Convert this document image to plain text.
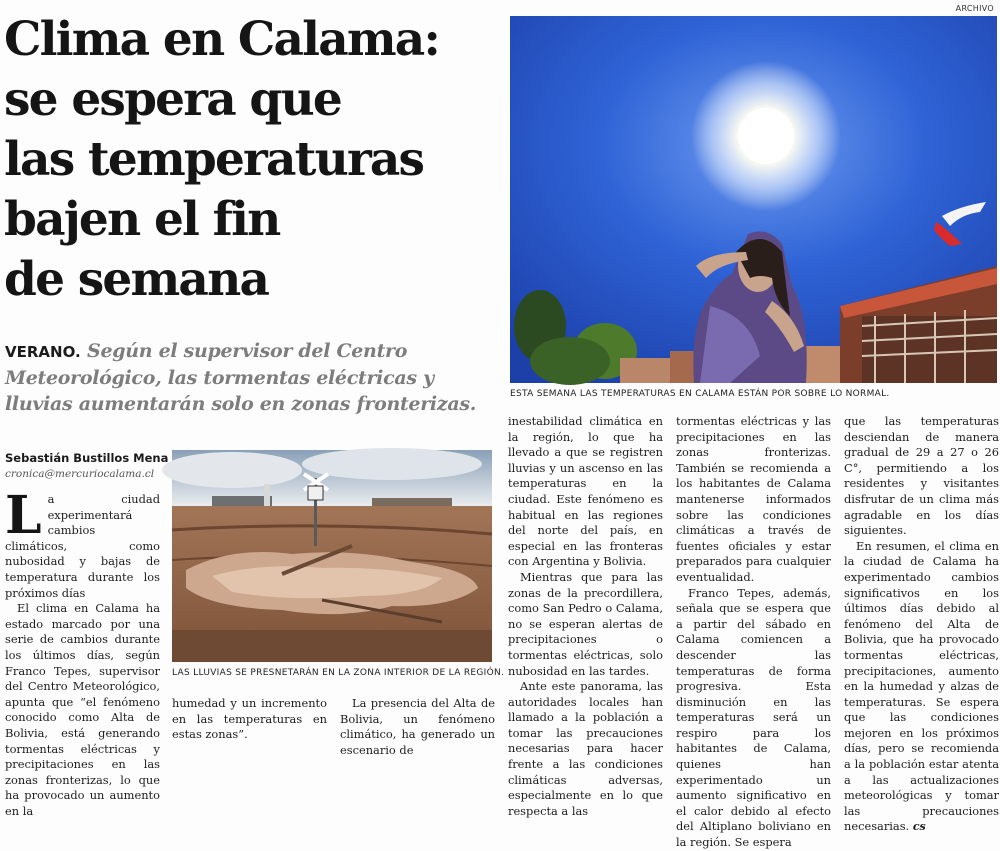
Clima en Calama:
se espera que
las temperaturas
bajen el fin
de semana
VERANO. Según el supervisor del Centro Meteorológico, las tormentas eléctricas y lluvias aumentarán solo en zonas fronterizas.
Sebastián Bustillos Mena
cronica@mercuriocalama.cl
ARCHIVO
ESTA SEMANA LAS TEMPERATURAS EN CALAMA ESTÁN POR SOBRE LO NORMAL.
LAS LLUVIAS SE PRESNETARÁN EN LA ZONA INTERIOR DE LA REGIÓN.

La ciudad experimentará cambios climáticos, como nubosidad y bajas de temperatura durante los próximos días

El clima en Calama ha estado marcado por una serie de cambios durante los últimos días, según Franco Tepes, supervisor del Centro Meteorológico, apunta que “el fenómeno conocido como Alta de Bolivia, está generando tormentas eléctricas y precipitaciones en las zonas fronterizas, lo que ha provocado un aumento en la

humedad y un incremento en las temperaturas en estas zonas”.

La presencia del Alta de Bolivia, un fenómeno climático, ha generado un escenario de

inestabilidad climática en la región, lo que ha llevado a que se registren lluvias y un ascenso en las temperaturas en la ciudad. Este fenómeno es habitual en las regiones del norte del país, en especial en las fronteras con Argentina y Bolivia.

Mientras que para las zonas de la precordillera, como San Pedro o Calama, no se esperan alertas de precipitaciones o tormentas eléctricas, solo nubosidad en las tardes.

Ante este panorama, las autoridades locales han llamado a la población a tomar las precauciones necesarias para hacer frente a las condiciones climáticas adversas, especialmente en lo que respecta a las

tormentas eléctricas y las precipitaciones en las zonas fronterizas. También se recomienda a los habitantes de Calama mantenerse informados sobre las condiciones climáticas a través de fuentes oficiales y estar preparados para cualquier eventualidad.

Franco Tepes, además, señala que se espera que a partir del sábado en Calama comiencen a descender las temperaturas de forma progresiva. Esta disminución en las temperaturas será un respiro para los habitantes de Calama, quienes han experimentado un aumento significativo en el calor debido al efecto del Altiplano boliviano en la región. Se espera

que las temperaturas desciendan de manera gradual de 29 a 27 o 26 C°, permitiendo a los residentes y visitantes disfrutar de un clima más agradable en los días siguientes.

En resumen, el clima en la ciudad de Calama ha experimentado cambios significativos en los últimos días debido al fenómeno del Alta de Bolivia, que ha provocado tormentas eléctricas, precipitaciones, aumento en la humedad y alzas de temperaturas. Se espera que las condiciones mejoren en los próximos días, pero se recomienda a la población estar atenta a las actualizaciones meteorológicas y tomar las precauciones necesarias. cs
